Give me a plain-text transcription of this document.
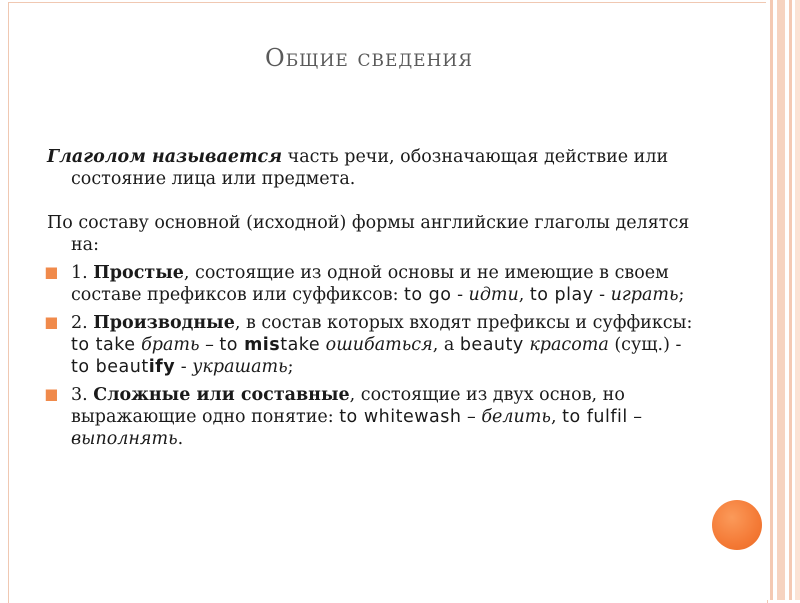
Общие сведения

Глаголом называется часть речи, обозначающая действие или состояние лица или предмета.

По составу основной (исходной) формы английские глаголы делятся на:

⯀ 1. Простые, состоящие из одной основы и не имеющие в своем составе префиксов или суффиксов: to go - идти, to play - играть;
⯀ 2. Производные, в состав которых входят префиксы и суффиксы: to take брать – to mistake ошибаться, а beauty красота (сущ.) - to beautify - украшать;
⯀ 3. Сложные или составные, состоящие из двух основ, но выражающие одно понятие: to whitewash – белить, to fulfil – выполнять.
